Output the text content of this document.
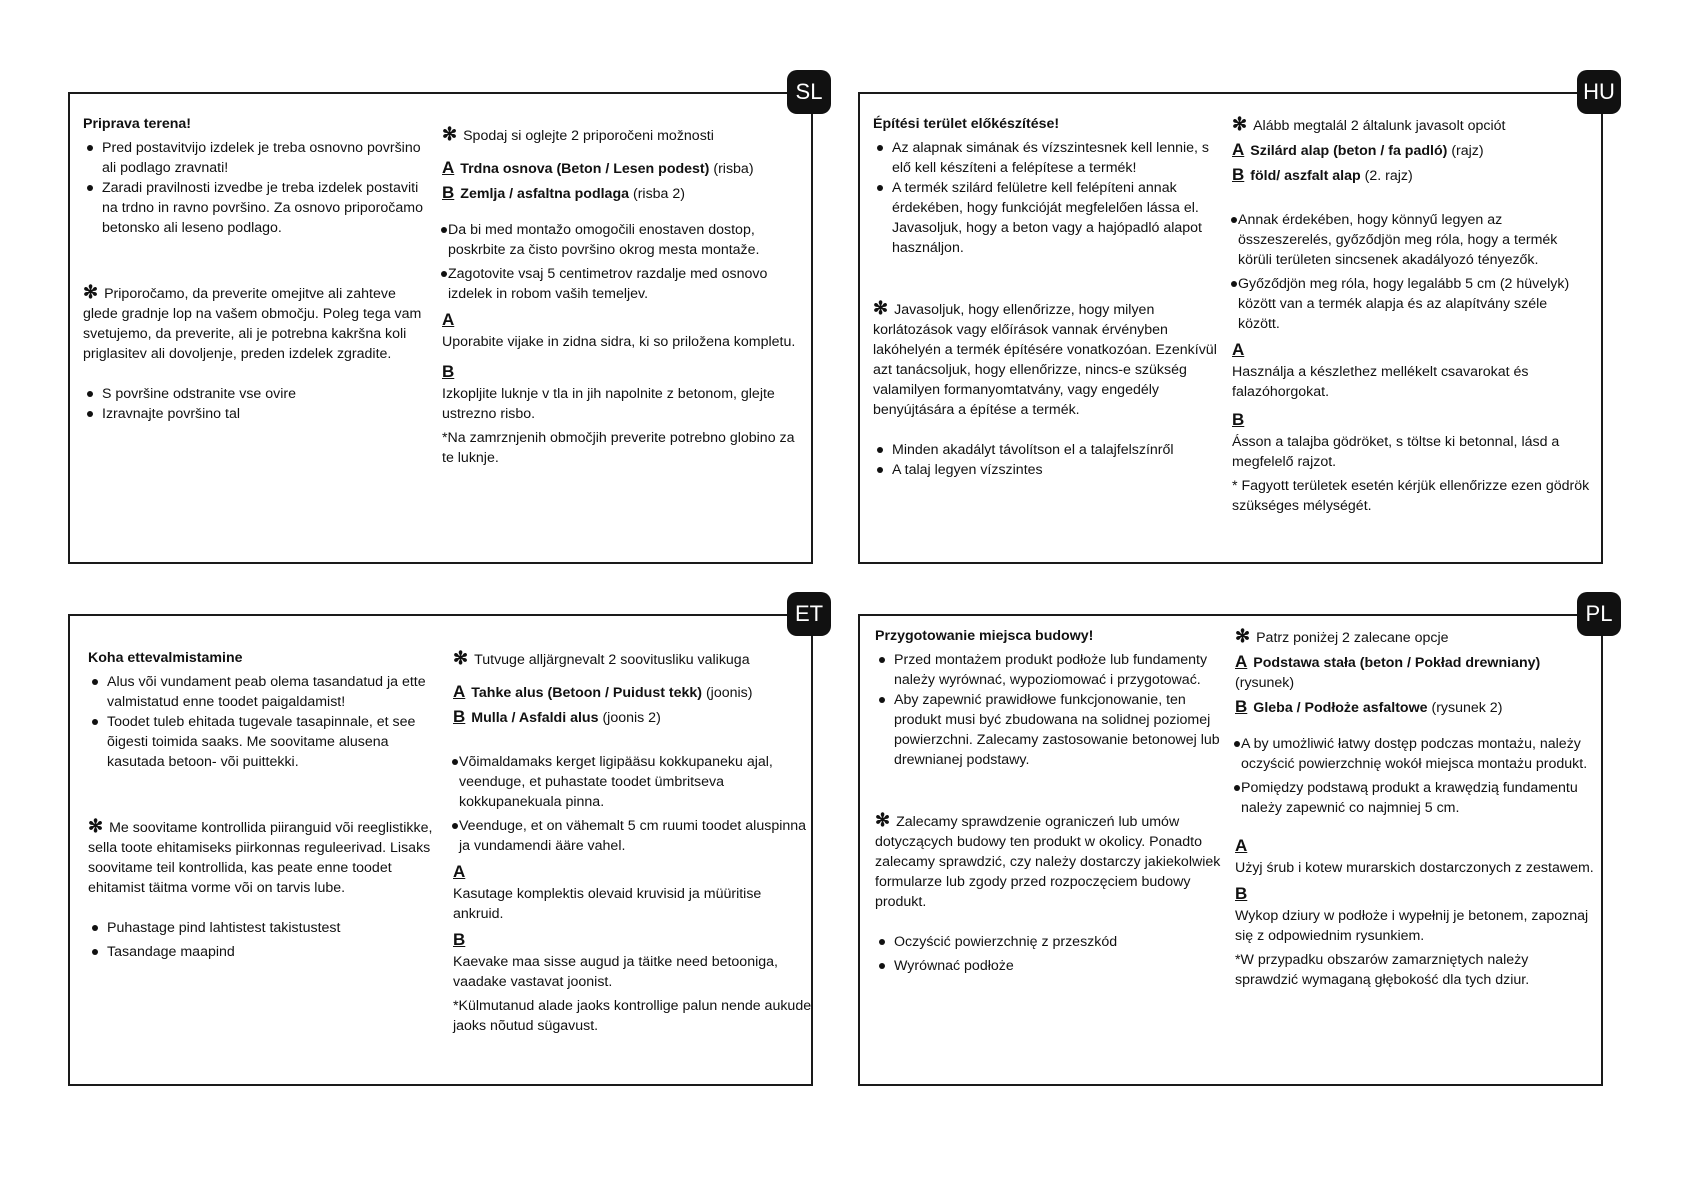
SL

Priprava terena!

Pred postavitvijo izdelek je treba osnovno površino ali podlago zravnati!

Zaradi pravilnosti izvedbe je treba izdelek postaviti na trdno in ravno površino. Za osnovo priporočamo betonsko ali leseno podlago.

✻ Priporočamo, da preverite omejitve ali zahteve glede gradnje lop na vašem območju. Poleg tega vam svetujemo, da preverite, ali je potrebna kakršna koli priglasitev ali dovoljenje, preden izdelek zgradite.

S površine odstranite vse ovire

Izravnajte površino tal

✻ Spodaj si oglejte 2 priporočeni možnosti

A Trdna osnova (Beton / Lesen podest) (risba)

B Zemlja / asfaltna podlaga (risba 2)

Da bi med montažo omogočili enostaven dostop, poskrbite za čisto površino okrog mesta montaže.

Zagotovite vsaj 5 centimetrov razdalje med osnovo izdelek in robom vaših temeljev.

A

Uporabite vijake in zidna sidra, ki so priložena kompletu.

B

Izkopljite luknje v tla in jih napolnite z betonom, glejte ustrezno risbo.

*Na zamrznjenih območjih preverite potrebno globino za te luknje.

HU

Építési terület előkészítése!

Az alapnak simának és vízszintesnek kell lennie, s elő kell készíteni a felépítese a termék!

A termék szilárd felületre kell felépíteni annak érdekében, hogy funkcióját megfelelően lássa el. Javasoljuk, hogy a beton vagy a hajópadló alapot használjon.

✻ Javasoljuk, hogy ellenőrizze, hogy milyen korlátozások vagy előírások vannak érvényben lakóhelyén a termék építésére vonatkozóan. Ezenkívül azt tanácsoljuk, hogy ellenőrizze, nincs-e szükség valamilyen formanyomtatvány, vagy engedély benyújtására a építése a termék.

Minden akadályt távolítson el a talajfelszínről

A talaj legyen vízszintes

✻ Alább megtalál 2 általunk javasolt opciót

A Szilárd alap (beton / fa padló) (rajz)

B föld/ aszfalt alap (2. rajz)

Annak érdekében, hogy könnyű legyen az összeszerelés, győződjön meg róla, hogy a termék körüli területen sincsenek akadályozó tényezők.

Győződjön meg róla, hogy legalább 5 cm (2 hüvelyk) között van a termék alapja és az alapítvány széle között.

A

Használja a készlethez mellékelt csavarokat és falazóhorgokat.

B

Ásson a talajba gödröket, s töltse ki betonnal, lásd a megfelelő rajzot.

* Fagyott területek esetén kérjük ellenőrizze ezen gödrök szükséges mélységét.

ET

Koha ettevalmistamine

Alus või vundament peab olema tasandatud ja ette valmistatud enne toodet paigaldamist!

Toodet tuleb ehitada tugevale tasapinnale, et see õigesti toimida saaks. Me soovitame alusena kasutada betoon- või puittekki.

✻ Me soovitame kontrollida piiranguid või reeglistikke, sella toote ehitamiseks piirkonnas reguleerivad. Lisaks soovitame teil kontrollida, kas peate enne toodet ehitamist täitma vorme või on tarvis lube.

Puhastage pind lahtistest takistustest

Tasandage maapind

✻ Tutvuge alljärgnevalt 2 soovitusliku valikuga

A Tahke alus (Betoon / Puidust tekk) (joonis)

B Mulla / Asfaldi alus (joonis 2)

Võimaldamaks kerget ligipääsu kokkupaneku ajal, veenduge, et puhastate toodet ümbritseva kokkupanekuala pinna.

Veenduge, et on vähemalt 5 cm ruumi toodet aluspinna ja vundamendi ääre vahel.

A

Kasutage komplektis olevaid kruvisid ja müüritise ankruid.

B

Kaevake maa sisse augud ja täitke need betooniga, vaadake vastavat joonist.

*Külmutanud alade jaoks kontrollige palun nende aukude jaoks nõutud sügavust.

PL

Przygotowanie miejsca budowy!

Przed montażem produkt podłoże lub fundamenty należy wyrównać, wypoziomować i przygotować.

Aby zapewnić prawidłowe funkcjonowanie, ten produkt musi być zbudowana na solidnej poziomej powierzchni. Zalecamy zastosowanie betonowej lub drewnianej podstawy.

✻ Zalecamy sprawdzenie ograniczeń lub umów dotyczących budowy ten produkt w okolicy. Ponadto zalecamy sprawdzić, czy należy dostarczy jakiekolwiek formularze lub zgody przed rozpoczęciem budowy produkt.

Oczyścić powierzchnię z przeszkód

Wyrównać podłoże

✻ Patrz poniżej 2 zalecane opcje

A Podstawa stała (beton / Pokład drewniany) (rysunek)

B Gleba / Podłoże asfaltowe (rysunek 2)

A by umożliwić łatwy dostęp podczas montażu, należy oczyścić powierzchnię wokół miejsca montażu produkt.

Pomiędzy podstawą produkt a krawędzią fundamentu należy zapewnić co najmniej 5 cm.

A

Użyj śrub i kotew murarskich dostarczonych z zestawem.

B

Wykop dziury w podłoże i wypełnij je betonem, zapoznaj się z odpowiednim rysunkiem.

*W przypadku obszarów zamarzniętych należy sprawdzić wymaganą głębokość dla tych dziur.
